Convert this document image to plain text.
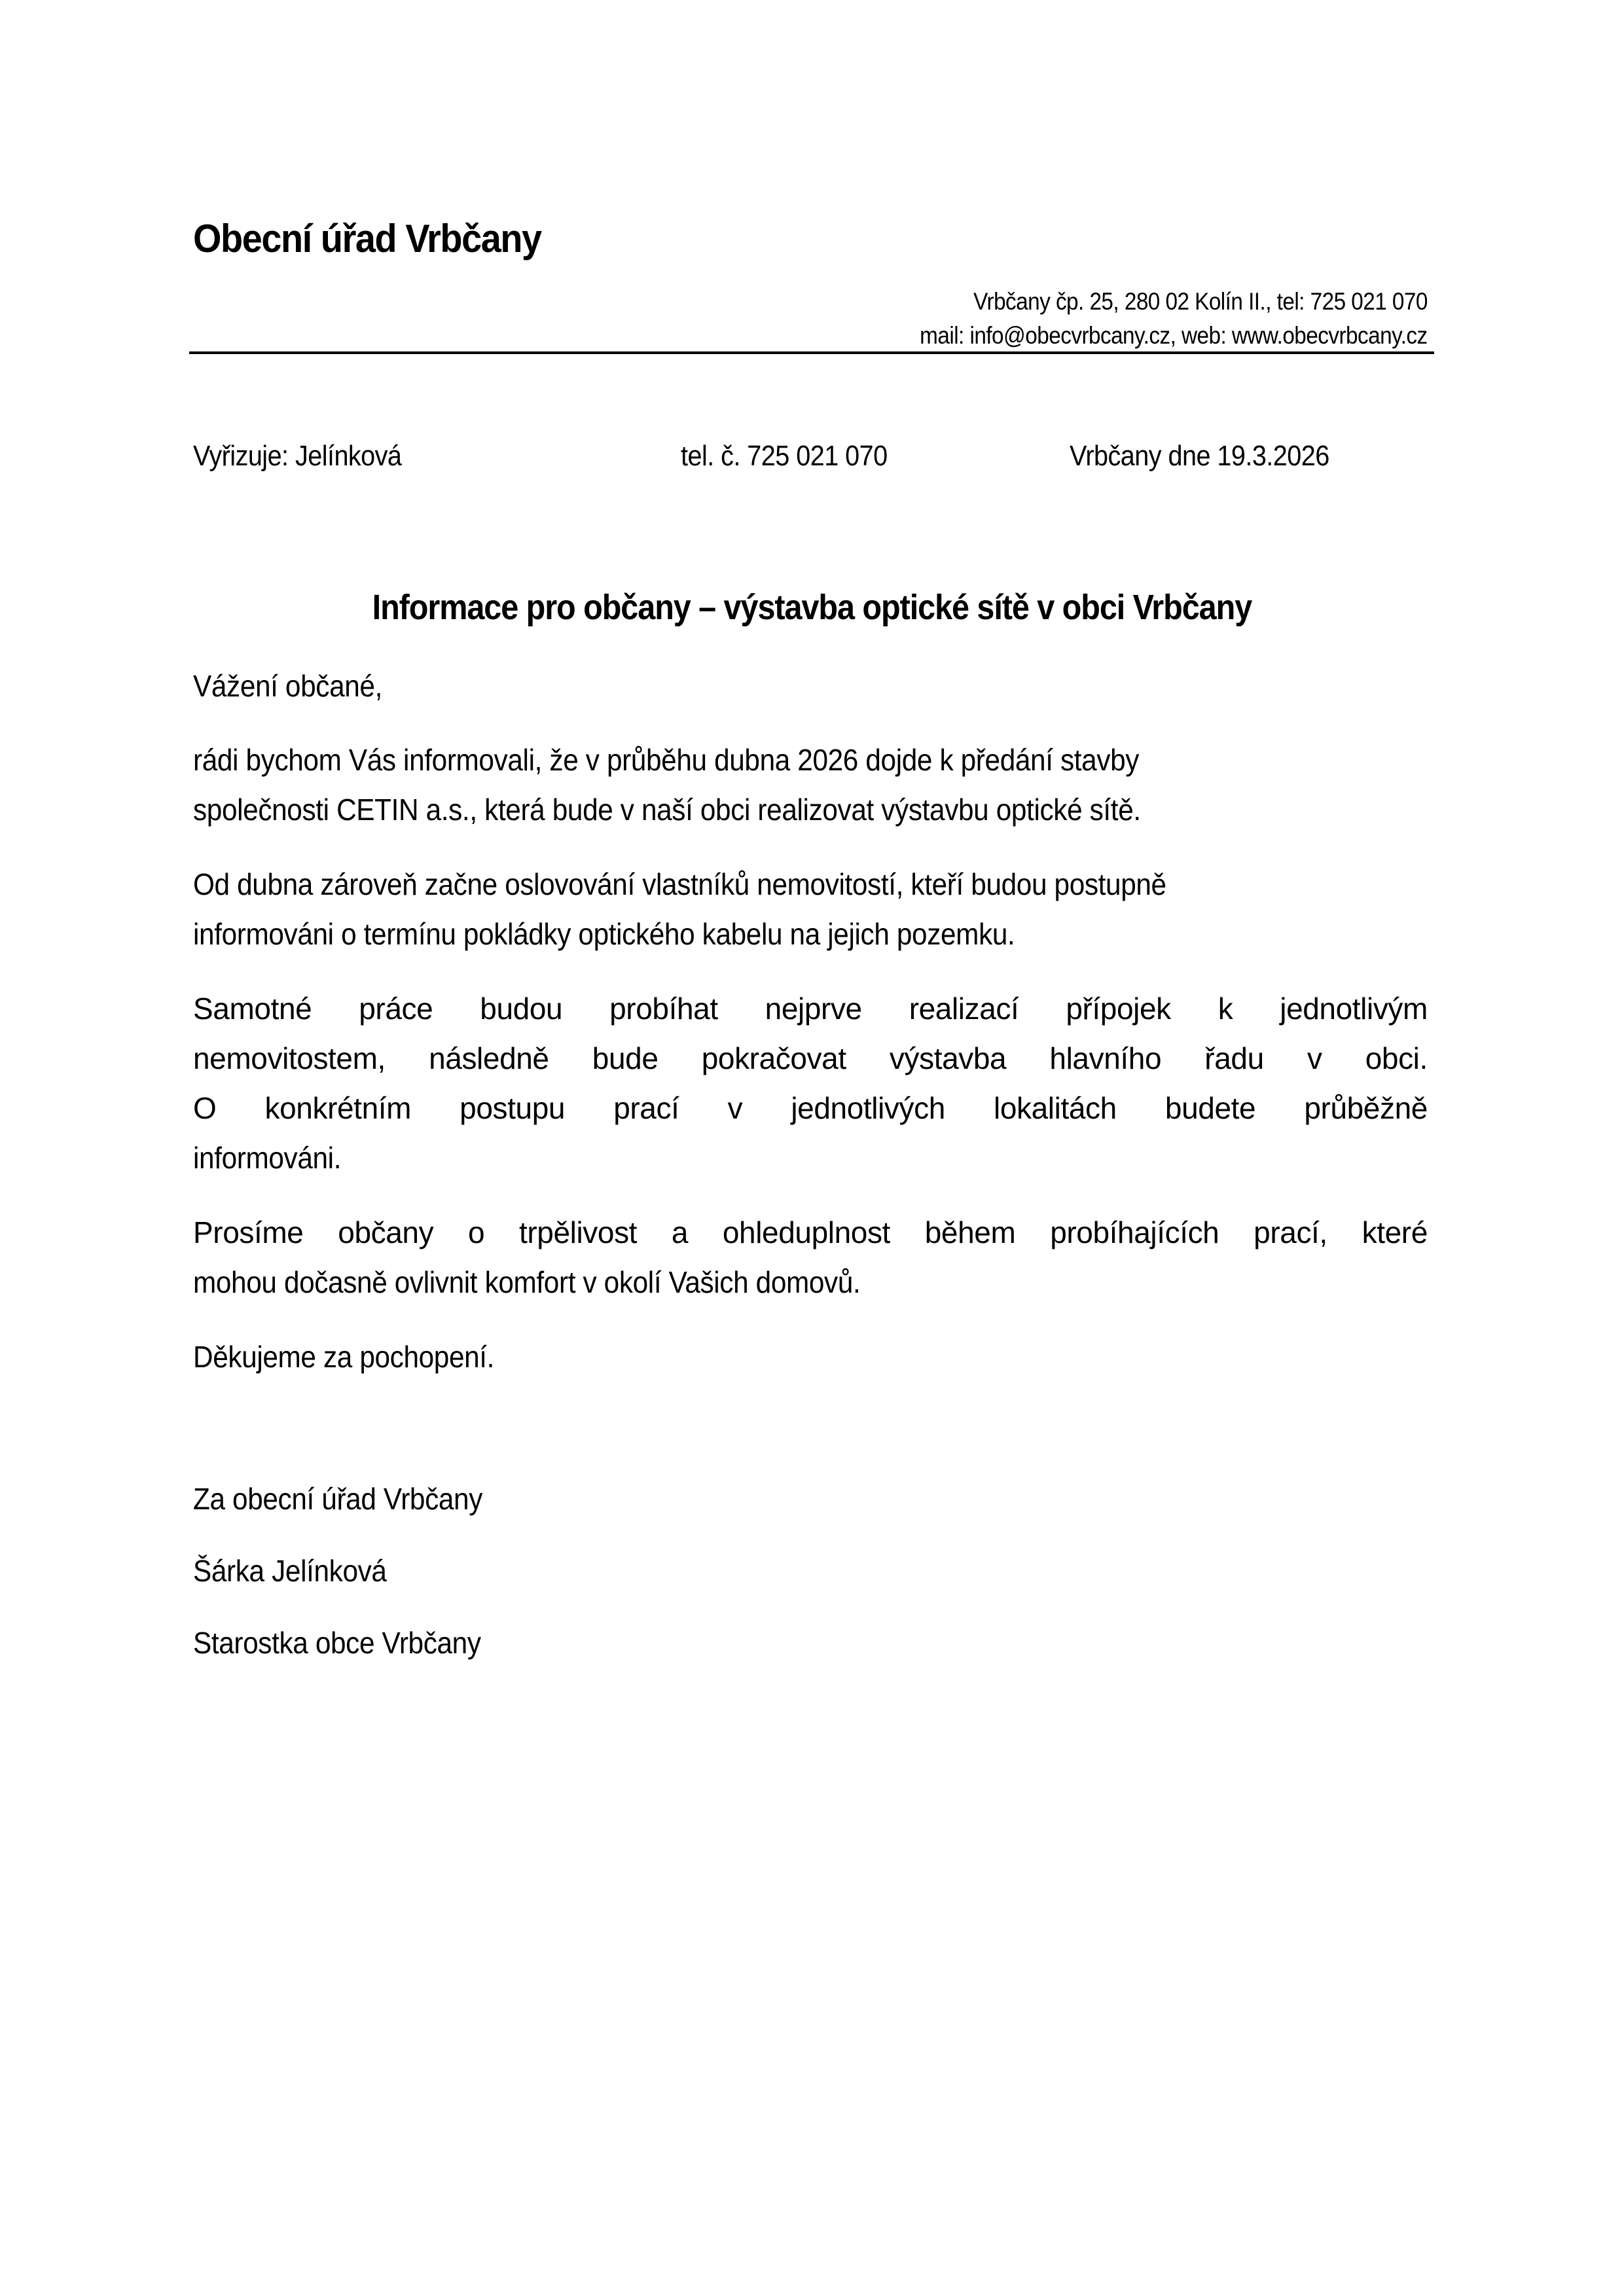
Obecní úřad Vrbčany
Vrbčany čp. 25, 280 02 Kolín II., tel: 725 021 070
mail: info@obecvrbcany.cz, web: www.obecvrbcany.cz
Vyřizuje: Jelínková	tel. č. 725 021 070	Vrbčany dne 19.3.2026
Informace pro občany – výstavba optické sítě v obci Vrbčany
Vážení občané,
rádi bychom Vás informovali, že v průběhu dubna 2026 dojde k předání stavby
společnosti CETIN a.s., která bude v naší obci realizovat výstavbu optické sítě.
Od dubna zároveň začne oslovování vlastníků nemovitostí, kteří budou postupně
informováni o termínu pokládky optického kabelu na jejich pozemku.
Samotné práce budou probíhat nejprve realizací přípojek k jednotlivým
nemovitostem, následně bude pokračovat výstavba hlavního řadu v obci.
O konkrétním postupu prací v jednotlivých lokalitách budete průběžně
informováni.
Prosíme občany o trpělivost a ohleduplnost během probíhajících prací, které
mohou dočasně ovlivnit komfort v okolí Vašich domovů.
Děkujeme za pochopení.
Za obecní úřad Vrbčany
Šárka Jelínková
Starostka obce Vrbčany
